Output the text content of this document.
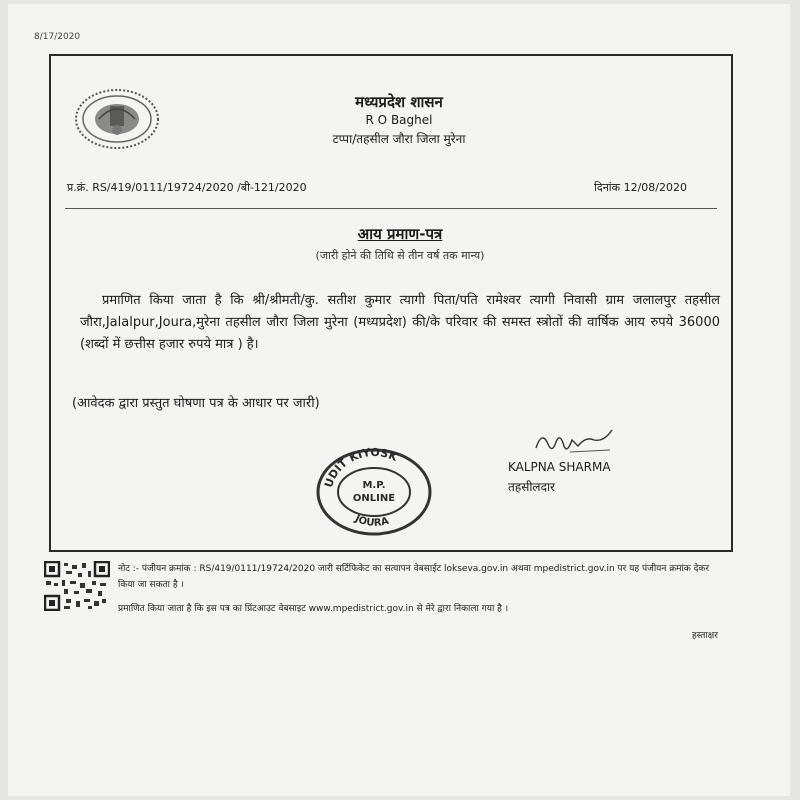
8/17/2020
मध्यप्रदेश शासन
R O Baghel
टप्पा/तहसील जौरा जिला मुरेना
प्र.क्रं. RS/419/0111/19724/2020 /बी-121/2020	दिनांक 12/08/2020
आय प्रमाण-पत्र
(जारी होने की तिथि से तीन वर्ष तक मान्य)

प्रमाणित किया जाता है कि श्री/श्रीमती/कु. सतीश कुमार त्यागी पिता/पति रामेश्वर त्यागी निवासी ग्राम जलालपुर तहसील जौरा,Jalalpur,Joura,मुरेना तहसील जौरा जिला मुरेना (मध्यप्रदेश) की/के परिवार की समस्त स्त्रोतों की वार्षिक आय रुपये 36000 (शब्दों में छत्तीस हजार रुपये मात्र ) है।

(आवेदक द्वारा प्रस्तुत घोषणा पत्र के आधार पर जारी)
KALPNA SHARMA
तहसीलदार
UDIT KIYOSK
M.P.
ONLINE
JOURA
नोट :- पंजीयन क्रमांक : RS/419/0111/19724/2020 जारी सर्टिफिकेट का सत्यापन वेबसाईट lokseva.gov.in अथवा mpedistrict.gov.in पर यह पंजीयन क्रमांक देकर किया जा सकता है ।
प्रमाणित किया जाता है कि इस पत्र का प्रिंटआउट वेबसाइट www.mpedistrict.gov.in से मेरे द्वारा निकाला गया है ।
हस्ताक्षर
